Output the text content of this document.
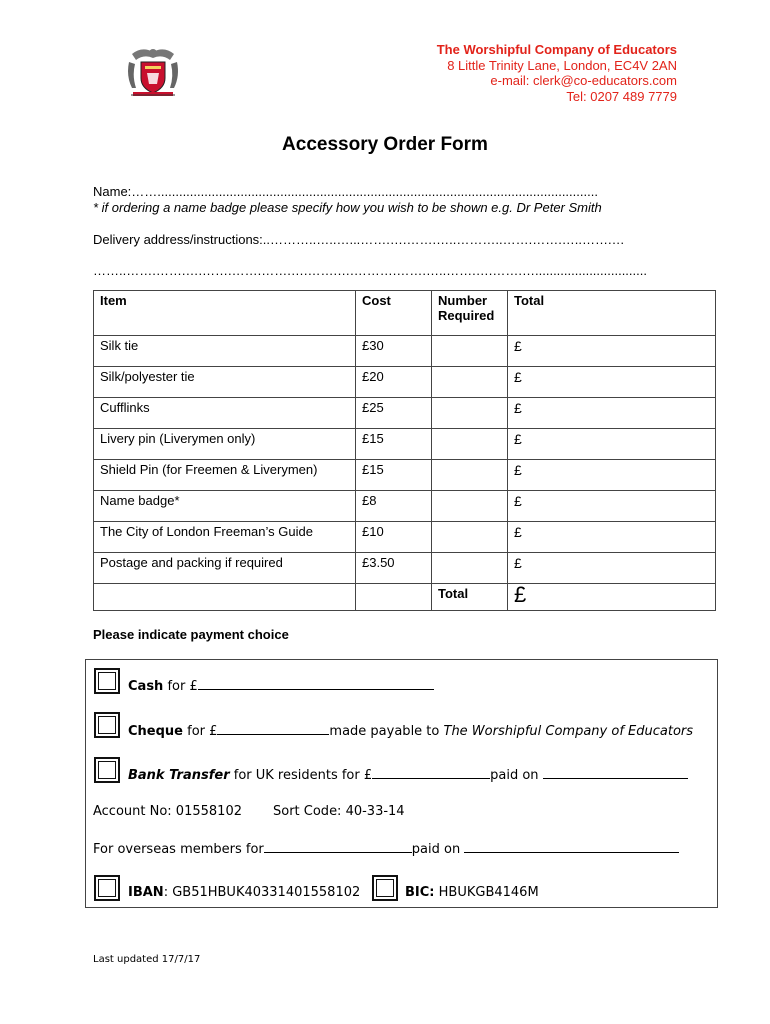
The Worshipful Company of Educators
8 Little Trinity Lane, London, EC4V 2AN
e-mail: clerk@co-educators.com
Tel: 0207 489 7779
Accessory Order Form
Name:……..........................................................................................................................
* if ordering a name badge please specify how you wish to be shown e.g. Dr Peter Smith
Delivery address/instructions:..………..…..…...…….….…….…..………..…….…….…..…….…
……..…….…….….…….…….…….….…….….……….…….…..…….….…….…...............................
Item	Cost	Number Required	Total
Silk tie	£30		£
Silk/polyester tie	£20		£
Cufflinks	£25		£
Livery pin (Liverymen only)	£15		£
Shield Pin (for Freemen & Liverymen)	£15		£
Name badge*	£8		£
The City of London Freeman’s Guide	£10		£
Postage and packing if required	£3.50		£
		Total	£
Please indicate payment choice
Cash for £
Cheque for £	made payable to The Worshipful Company of Educators
Bank Transfer for UK residents for £	paid on
Account No: 01558102 Sort Code: 40-33-14
For overseas members for	paid on
IBAN: GB51HBUK40331401558102	BIC: HBUKGB4146M
Last updated 17/7/17
